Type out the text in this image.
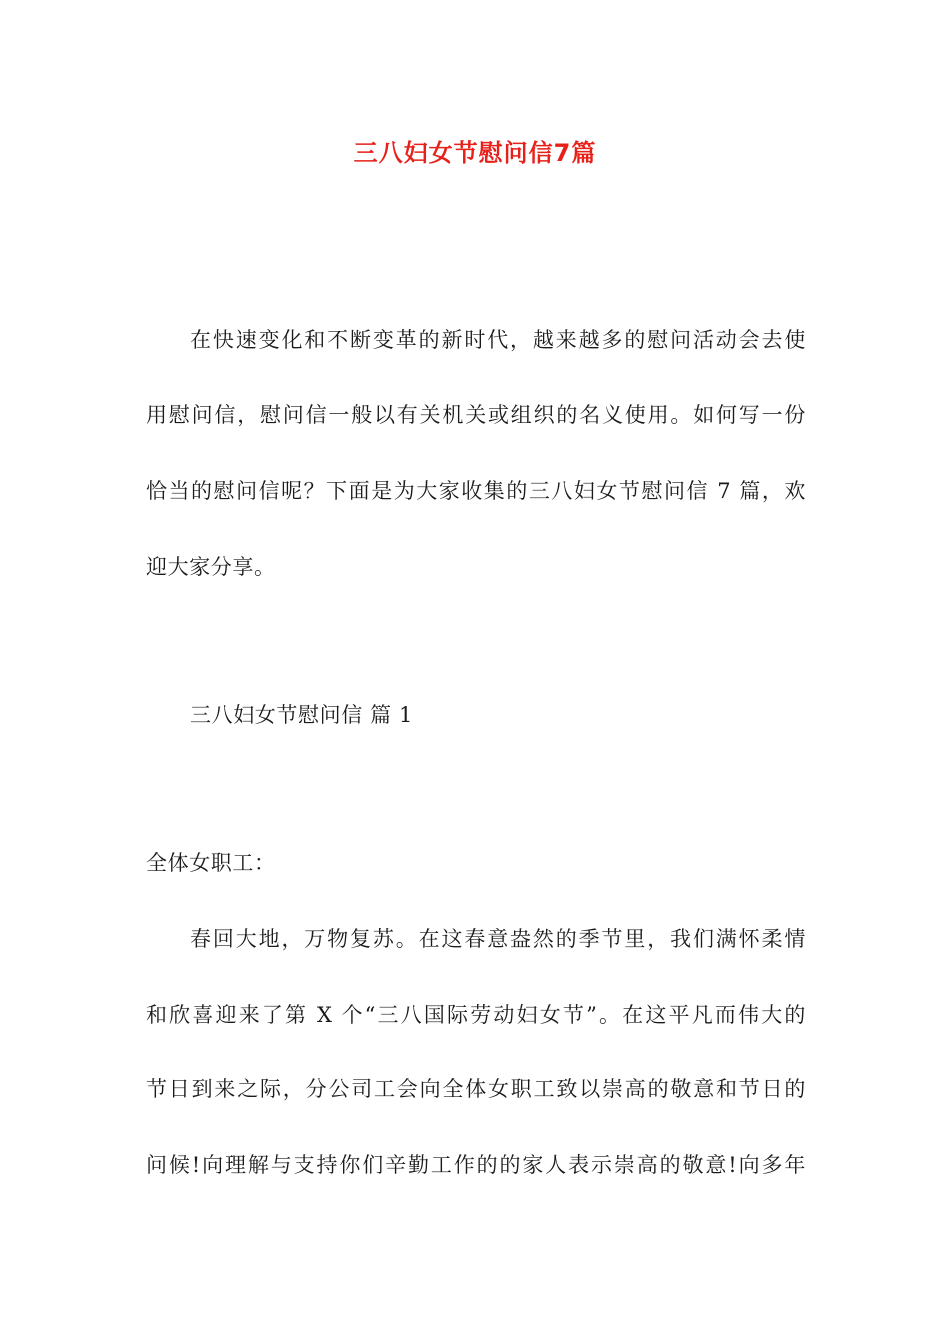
三八妇女节慰问信7篇
在快速变化和不断变革的新时代，越来越多的慰问活动会去使
用慰问信，慰问信一般以有关机关或组织的名义使用。如何写一份
恰当的慰问信呢？下面是为大家收集的三八妇女节慰问信 7 篇，欢
迎大家分享。
三八妇女节慰问信 篇 1
全体女职工：
春回大地，万物复苏。在这春意盎然的季节里，我们满怀柔情
和欣喜迎来了第 X 个“三八国际劳动妇女节”。在这平凡而伟大的
节日到来之际，分公司工会向全体女职工致以崇高的敬意和节日的
问候!向理解与支持你们辛勤工作的的家人表示崇高的敬意!向多年
